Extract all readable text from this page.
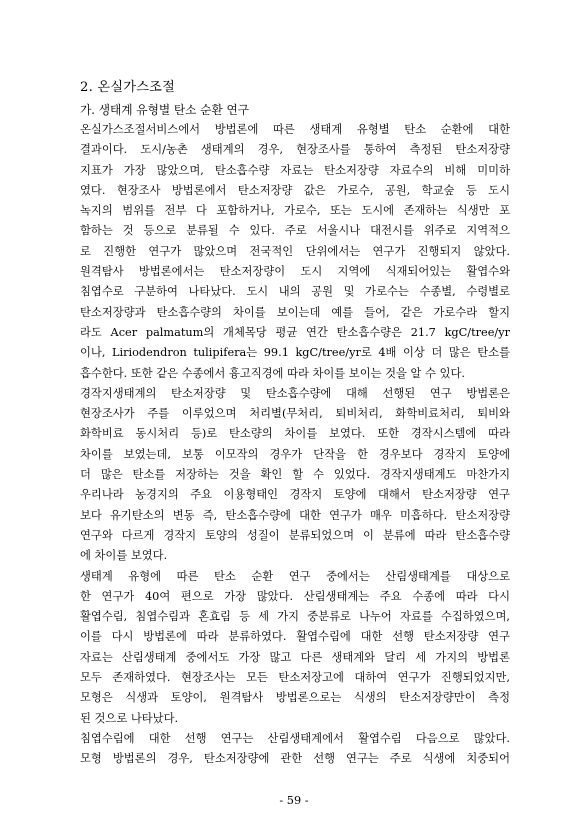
2. 온실가스조절
가. 생태계 유형별 탄소 순환 연구
온실가스조절서비스에서 방법론에 따른 생태계 유형별 탄소 순환에 대한
결과이다. 도시/농촌 생태계의 경우, 현장조사를 통하여 측정된 탄소저장량
지표가 가장 많았으며, 탄소흡수량 자료는 탄소저장량 자료수의 비해 미미하
였다. 현장조사 방법론에서 탄소저장량 값은 가로수, 공원, 학교숲 등 도시
녹지의 범위를 전부 다 포함하거나, 가로수, 또는 도시에 존재하는 식생만 포
함하는 것 등으로 분류될 수 있다. 주로 서울시나 대전시를 위주로 지역적으
로 진행한 연구가 많았으며 전국적인 단위에서는 연구가 진행되지 않았다.
원격탐사 방법론에서는 탄소저장량이 도시 지역에 식재되어있는 활엽수와
침엽수로 구분하여 나타났다. 도시 내의 공원 및 가로수는 수종별, 수령별로
탄소저장량과 탄소흡수량의 차이를 보이는데 예를 들어, 같은 가로수라 할지
라도 Acer palmatum의 개체목당 평균 연간 탄소흡수량은 21.7 kgC/tree/yr
이나, Liriodendron tulipifera는 99.1 kgC/tree/yr로 4배 이상 더 많은 탄소를
흡수한다. 또한 같은 수종에서 흉고직경에 따라 차이를 보이는 것을 알 수 있다.
경작지생태계의 탄소저장량 및 탄소흡수량에 대해 선행된 연구 방법론은
현장조사가 주를 이루었으며 처리별(무처리, 퇴비처리, 화학비료처리, 퇴비와
화학비료 동시처리 등)로 탄소량의 차이를 보였다. 또한 경작시스템에 따라
차이를 보였는데, 보통 이모작의 경우가 단작을 한 경우보다 경작지 토양에
더 많은 탄소를 저장하는 것을 확인 할 수 있었다. 경작지생태계도 마찬가지
우리나라 농경지의 주요 이용형태인 경작지 토양에 대해서 탄소저장량 연구
보다 유기탄소의 변동 즉, 탄소흡수량에 대한 연구가 매우 미흡하다. 탄소저장량
연구와 다르게 경작지 토양의 성질이 분류되었으며 이 분류에 따라 탄소흡수량
에 차이를 보였다.
생태계 유형에 따른 탄소 순환 연구 중에서는 산림생태계를 대상으로
한 연구가 40여 편으로 가장 많았다. 산림생태계는 주요 수종에 따라 다시
활엽수림, 침엽수림과 혼효림 등 세 가지 중분류로 나누어 자료를 수집하였으며,
이를 다시 방법론에 따라 분류하였다. 활엽수림에 대한 선행 탄소저장량 연구
자료는 산림생태계 중에서도 가장 많고 다른 생태계와 달리 세 가지의 방법론
모두 존재하였다. 현장조사는 모든 탄소저장고에 대하여 연구가 진행되었지만,
모형은 식생과 토양이, 원격탐사 방법론으로는 식생의 탄소저장량만이 측정
된 것으로 나타났다.
침엽수림에 대한 선행 연구는 산림생태계에서 활엽수림 다음으로 많았다.
모형 방법론의 경우, 탄소저장량에 관한 선행 연구는 주로 식생에 치중되어
- 59 -
